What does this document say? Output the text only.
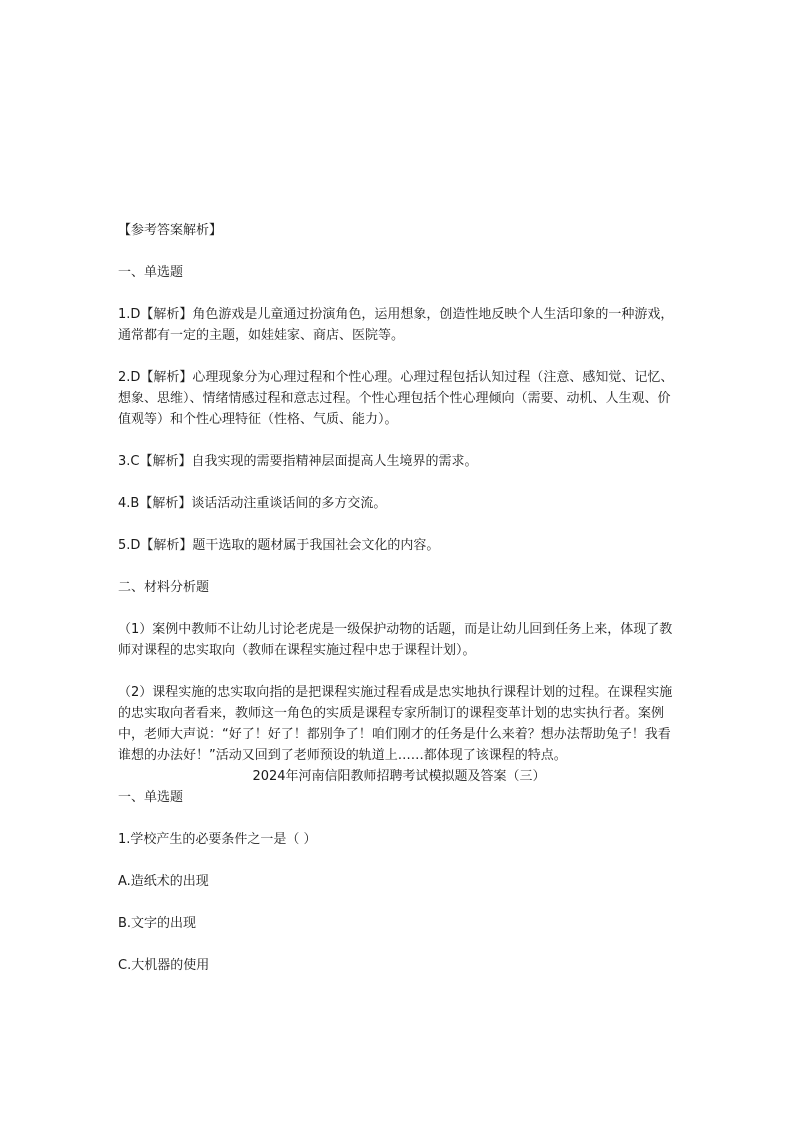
【参考答案解析】

一、单选题

1.D【解析】角色游戏是儿童通过扮演角色，运用想象，创造性地反映个人生活印象的一种游戏，通常都有一定的主题，如娃娃家、商店、医院等。

2.D【解析】心理现象分为心理过程和个性心理。心理过程包括认知过程（注意、感知觉、记忆、想象、思维）、情绪情感过程和意志过程。个性心理包括个性心理倾向（需要、动机、人生观、价值观等）和个性心理特征（性格、气质、能力）。

3.C【解析】自我实现的需要指精神层面提高人生境界的需求。

4.B【解析】谈话活动注重谈话间的多方交流。

5.D【解析】题干选取的题材属于我国社会文化的内容。

二、材料分析题

（1）案例中教师不让幼儿讨论老虎是一级保护动物的话题，而是让幼儿回到任务上来，体现了教师对课程的忠实取向（教师在课程实施过程中忠于课程计划）。

（2）课程实施的忠实取向指的是把课程实施过程看成是忠实地执行课程计划的过程。在课程实施的忠实取向者看来，教师这一角色的实质是课程专家所制订的课程变革计划的忠实执行者。案例中，老师大声说：“好了！好了！都别争了！咱们刚才的任务是什么来着？想办法帮助兔子！我看谁想的办法好！”活动又回到了老师预设的轨道上……都体现了该课程的特点。

2024年河南信阳教师招聘考试模拟题及答案（三）

一、单选题

1.学校产生的必要条件之一是（ ）

A.造纸术的出现

B.文字的出现

C.大机器的使用
